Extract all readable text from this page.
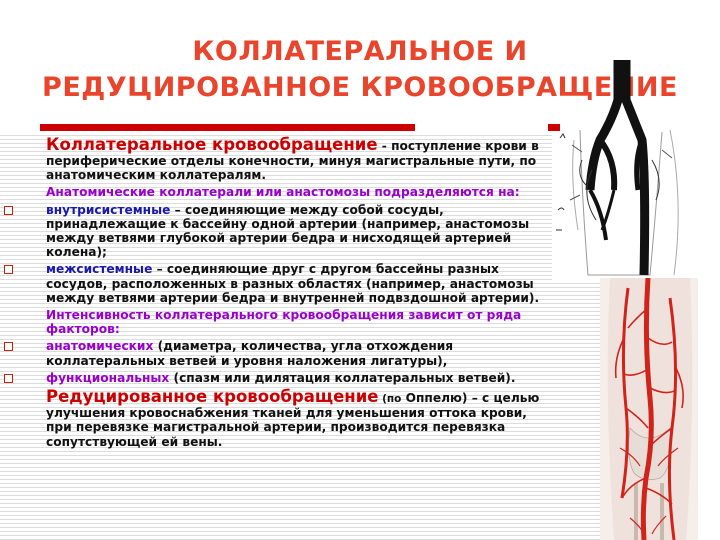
КОЛЛАТЕРАЛЬНОЕ И
РЕДУЦИРОВАННОЕ КРОВООБРАЩЕНИЕ
Коллатеральное кровообращение - поступление крови в периферические отделы конечности, минуя магистральные пути, по анатомическим коллатералям.
Анатомические коллатерали или анастомозы подразделяются на:
внутрисистемные – соединяющие между собой сосуды, принадлежащие к бассейну одной артерии (например, анастомозы между ветвями глубокой артерии бедра и нисходящей артерией колена);
межсистемные – соединяющие друг с другом бассейны разных сосудов, расположенных в разных областях (например, анастомозы между ветвями артерии бедра и внутренней подвздошной артерии).
Интенсивность коллатерального кровообращения зависит от ряда факторов:
анатомических (диаметра, количества, угла отхождения коллатеральных ветвей и уровня наложения лигатуры),
функциональных (спазм или дилятация коллатеральных ветвей).
Редуцированное кровообращение (по Оппелю) – с целью улучшения кровоснабжения тканей для уменьшения оттока крови, при перевязке магистральной артерии, производится перевязка сопутствующей ей вены.
